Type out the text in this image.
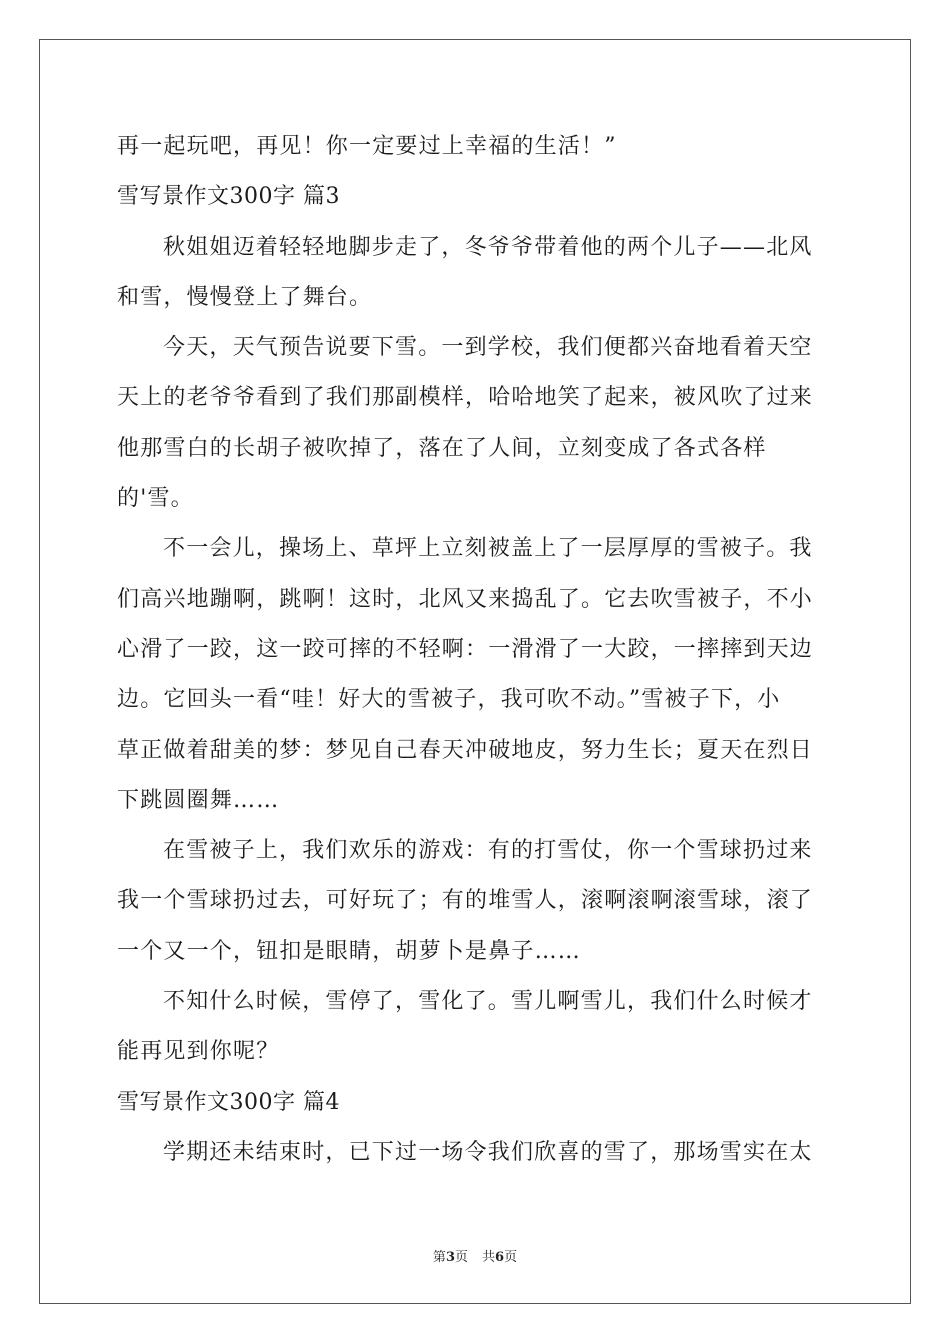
再一起玩吧，再见！你一定要过上幸福的生活！”
雪写景作文300字 篇3
秋姐姐迈着轻轻地脚步走了，冬爷爷带着他的两个儿子——北风
和雪，慢慢登上了舞台。
今天，天气预告说要下雪。一到学校，我们便都兴奋地看着天空
天上的老爷爷看到了我们那副模样，哈哈地笑了起来，被风吹了过来
他那雪白的长胡子被吹掉了，落在了人间，立刻变成了各式各样
的'雪。
不一会儿，操场上、草坪上立刻被盖上了一层厚厚的雪被子。我
们高兴地蹦啊，跳啊！这时，北风又来捣乱了。它去吹雪被子，不小
心滑了一跤，这一跤可摔的不轻啊：一滑滑了一大跤，一摔摔到天边
边。它回头一看“哇！好大的雪被子，我可吹不动。”雪被子下，小
草正做着甜美的梦：梦见自己春天冲破地皮，努力生长；夏天在烈日
下跳圆圈舞……
在雪被子上，我们欢乐的游戏：有的打雪仗，你一个雪球扔过来
我一个雪球扔过去，可好玩了；有的堆雪人，滚啊滚啊滚雪球，滚了
一个又一个，钮扣是眼睛，胡萝卜是鼻子……
不知什么时候，雪停了，雪化了。雪儿啊雪儿，我们什么时候才
能再见到你呢？
雪写景作文300字 篇4
学期还未结束时，已下过一场令我们欣喜的雪了，那场雪实在太
第3页 共6页
